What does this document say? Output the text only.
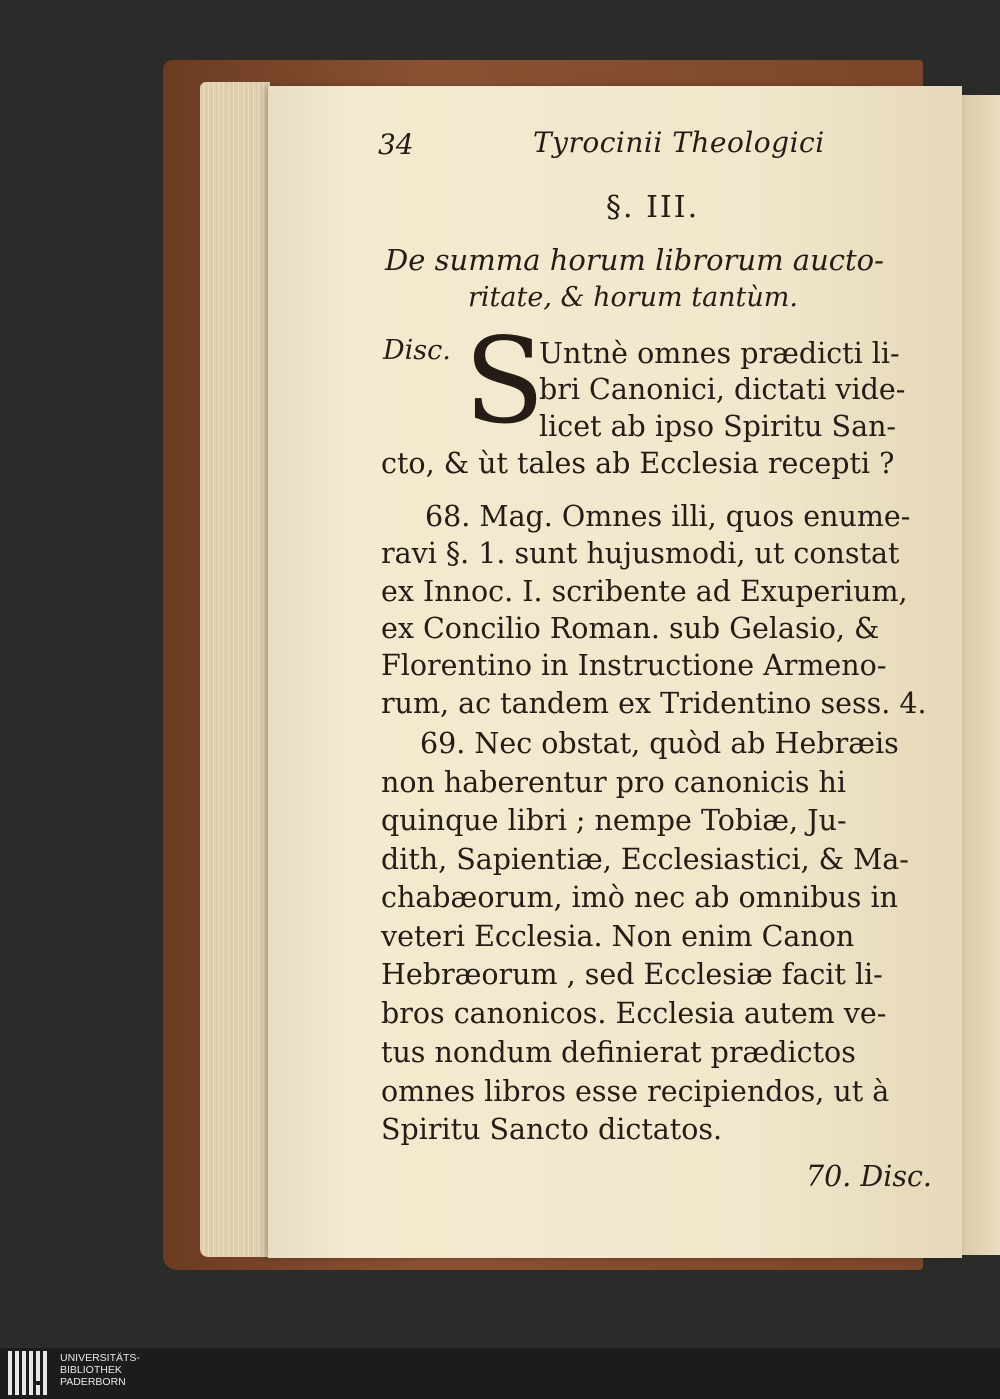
34	Tyrocinii Theologici
§. III.
De summa horum librorum aucto-
ritate, & horum tantùm.
Disc. S
Untnè omnes prædicti li-
bri Canonici, dictati vide-
licet ab ipso Spiritu San-
cto, & ùt tales ab Ecclesia recepti ?
68. Mag. Omnes illi, quos enume-
ravi §. 1. sunt hujusmodi, ut constat
ex Innoc. I. scribente ad Exuperium,
ex Concilio Roman. sub Gelasio, &
Florentino in Instructione Armeno-
rum, ac tandem ex Tridentino sess. 4.
69. Nec obstat, quòd ab Hebræis
non haberentur pro canonicis hi
quinque libri ; nempe Tobiæ, Ju-
dith, Sapientiæ, Ecclesiastici, & Ma-
chabæorum, imò nec ab omnibus in
veteri Ecclesia. Non enim Canon
Hebræorum , sed Ecclesiæ facit li-
bros canonicos. Ecclesia autem ve-
tus nondum definierat prædictos
omnes libros esse recipiendos, ut à
Spiritu Sancto dictatos.
70. Disc.
UNIVERSITÄTS-
BIBLIOTHEK
PADERBORN
